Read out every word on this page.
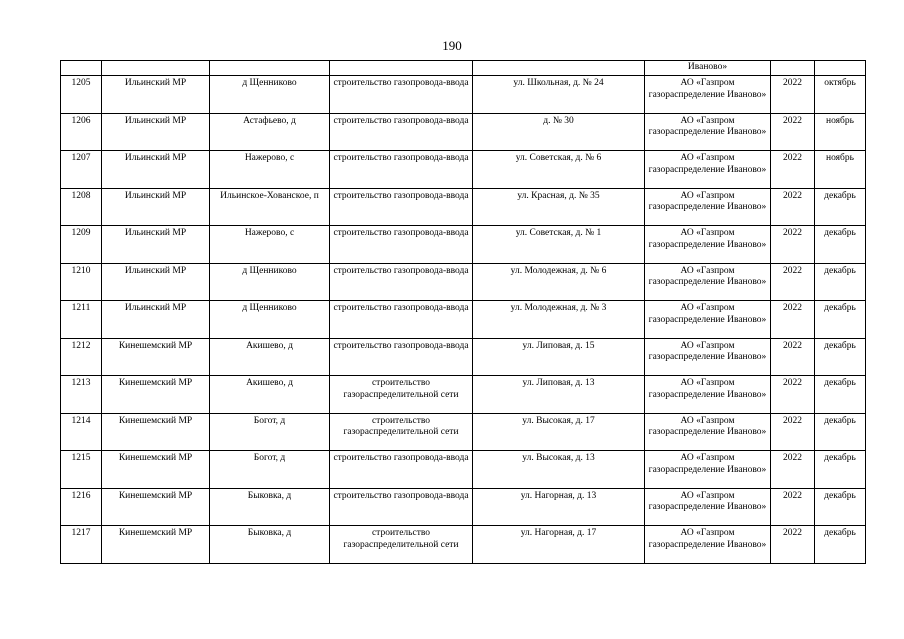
190
					Иваново»		
1205	Ильинский МР	д Щенниково	строительство газопровода-ввода	ул. Школьная, д. № 24	АО «Газпром газораспределение Иваново»	2022	октябрь
1206	Ильинский МР	Астафьево, д	строительство газопровода-ввода	д. № 30	АО «Газпром газораспределение Иваново»	2022	ноябрь
1207	Ильинский МР	Нажерово, с	строительство газопровода-ввода	ул. Советская, д. № 6	АО «Газпром газораспределение Иваново»	2022	ноябрь
1208	Ильинский МР	Ильинское-Хованское, п	строительство газопровода-ввода	ул. Красная, д. № 35	АО «Газпром газораспределение Иваново»	2022	декабрь
1209	Ильинский МР	Нажерово, с	строительство газопровода-ввода	ул. Советская, д. № 1	АО «Газпром газораспределение Иваново»	2022	декабрь
1210	Ильинский МР	д Щенниково	строительство газопровода-ввода	ул. Молодежная, д. № 6	АО «Газпром газораспределение Иваново»	2022	декабрь
1211	Ильинский МР	д Щенниково	строительство газопровода-ввода	ул. Молодежная, д. № 3	АО «Газпром газораспределение Иваново»	2022	декабрь
1212	Кинешемский МР	Акишево, д	строительство газопровода-ввода	ул. Липовая, д. 15	АО «Газпром газораспределение Иваново»	2022	декабрь
1213	Кинешемский МР	Акишево, д	строительство газораспределительной сети	ул. Липовая, д. 13	АО «Газпром газораспределение Иваново»	2022	декабрь
1214	Кинешемский МР	Богот, д	строительство газораспределительной сети	ул. Высокая, д. 17	АО «Газпром газораспределение Иваново»	2022	декабрь
1215	Кинешемский МР	Богот, д	строительство газопровода-ввода	ул. Высокая, д. 13	АО «Газпром газораспределение Иваново»	2022	декабрь
1216	Кинешемский МР	Быковка, д	строительство газопровода-ввода	ул. Нагорная, д. 13	АО «Газпром газораспределение Иваново»	2022	декабрь
1217	Кинешемский МР	Быковка, д	строительство газораспределительной сети	ул. Нагорная, д. 17	АО «Газпром газораспределение Иваново»	2022	декабрь
